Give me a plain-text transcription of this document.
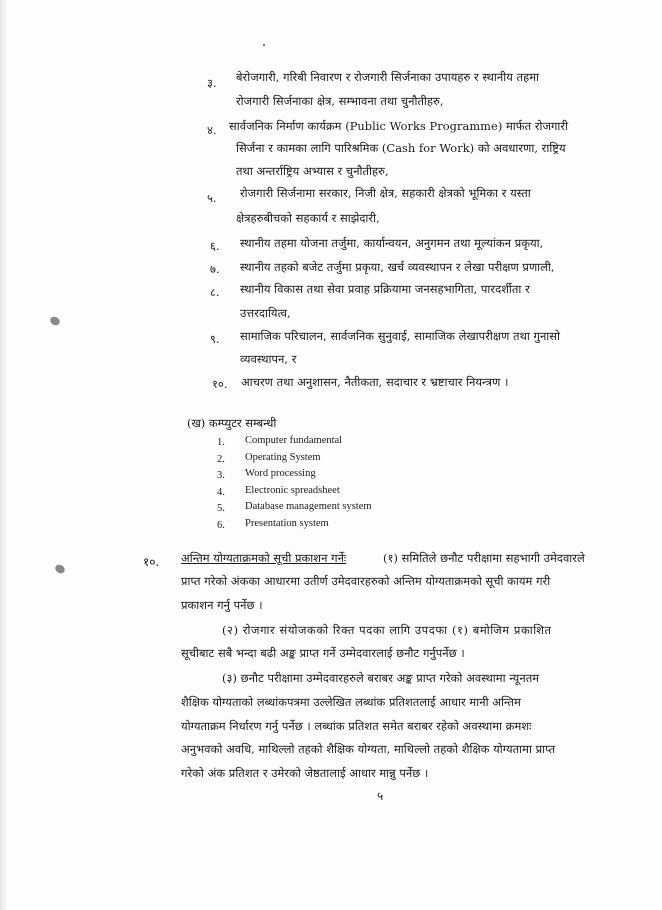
३. बेरोजगारी, गरिबी निवारण र रोजगारी सिर्जनाका उपायहरु र स्थानीय तहमा
रोजगारी सिर्जनाका क्षेत्र, सम्भावना तथा चुनौतीहरु,
४. सार्वजनिक निर्माण कार्यक्रम (Public Works Programme) मार्फत रोजगारी
सिर्जना र कामका लागि पारिश्रमिक (Cash for Work) को अवधारणा, राष्ट्रिय
तथा अन्तर्राष्ट्रिय अभ्यास र चुनौतीहरु,
५. रोजगारी सिर्जनामा सरकार, निजी क्षेत्र, सहकारी क्षेत्रको भूमिका र यस्ता
क्षेत्रहरुबीचको सहकार्य र साझेदारी,
६. स्थानीय तहमा योजना तर्जुमा, कार्यान्वयन, अनुगमन तथा मूल्यांकन प्रकृया,
७. स्थानीय तहको बजेट तर्जुमा प्रकृया, खर्च व्यवस्थापन र लेखा परीक्षण प्रणाली,
८. स्थानीय विकास तथा सेवा प्रवाह प्रक्रियामा जनसहभागिता, पारदर्शीता र
उत्तरदायित्व,
९. सामाजिक परिचालन, सार्वजनिक सुनुवाई, सामाजिक लेखापरीक्षण तथा गुनासो
व्यवस्थापन, र
१०. आचरण तथा अनुशासन, नैतीकता, सदाचार र भ्रष्टाचार नियन्त्रण ।
(ख) कम्प्युटर सम्बन्धी
1. Computer fundamental
2. Operating System
3. Word processing
4. Electronic spreadsheet
5. Database management system
6. Presentation system
१०. अन्तिम योग्यताक्रमको सूची प्रकाशन गर्नेः	(१) समितिले छनौट परीक्षामा सहभागी उमेदवारले
प्राप्त गरेको अंकका आधारमा उतीर्ण उमेदवारहरुको अन्तिम योग्यताक्रमको सूची कायम गरी
प्रकाशन गर्नु पर्नेछ ।
(२) रोजगार संयोजकको रिक्त पदका लागि उपदफा (१) बमोजिम प्रकाशित
सूचीबाट सबै भन्दा बढी अङ्क प्राप्त गर्ने उम्मेदवारलाई छनौट गर्नुपर्नेछ ।
(३) छनौट परीक्षामा उम्मेदवारहरुले बराबर अङ्क प्राप्त गरेको अवस्थामा न्यूनतम
शैक्षिक योग्यताको लब्धांकपत्रमा उल्लेखित लब्धांक प्रतिशतलाई आधार मानी अन्तिम
योग्यताक्रम निर्धारण गर्नु पर्नेछ । लब्धांक प्रतिशत समेत बराबर रहेको अवस्थामा क्रमशः
अनुभवको अवधि, माथिल्लो तहको शैक्षिक योग्यता, माथिल्लो तहको शैक्षिक योग्यतामा प्राप्त
गरेको अंक प्रतिशत र उमेरको जेष्ठतालाई आधार मान्नु पर्नेछ ।
५
